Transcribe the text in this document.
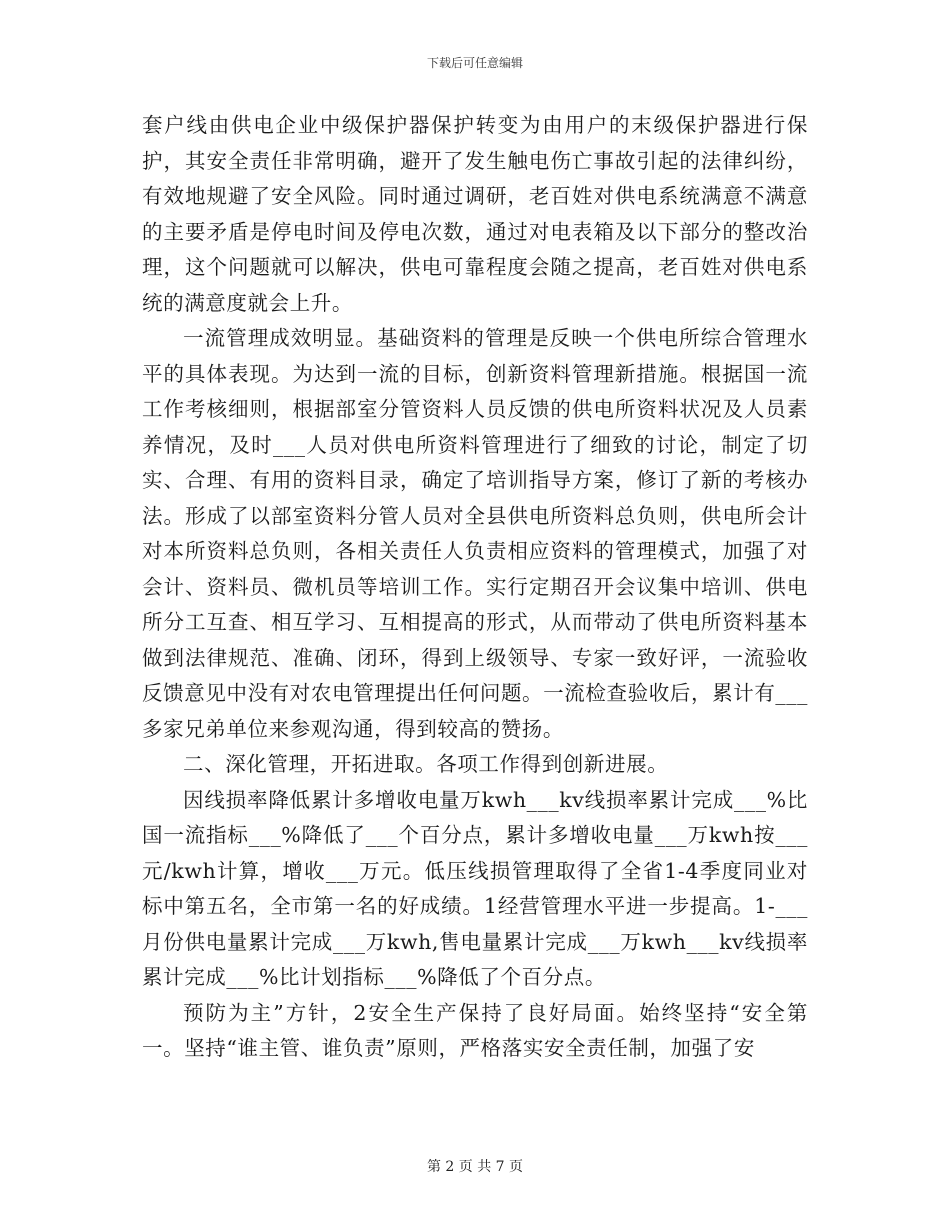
下载后可任意编辑

套户线由供电企业中级保护器保护转变为由用户的末级保护器进行保护，其安全责任非常明确，避开了发生触电伤亡事故引起的法律纠纷，有效地规避了安全风险。同时通过调研，老百姓对供电系统满意不满意的主要矛盾是停电时间及停电次数，通过对电表箱及以下部分的整改治理，这个问题就可以解决，供电可靠程度会随之提高，老百姓对供电系统的满意度就会上升。

一流管理成效明显。基础资料的管理是反映一个供电所综合管理水平的具体表现。为达到一流的目标，创新资料管理新措施。根据国一流工作考核细则，根据部室分管资料人员反馈的供电所资料状况及人员素养情况，及时___人员对供电所资料管理进行了细致的讨论，制定了切实、合理、有用的资料目录，确定了培训指导方案，修订了新的考核办法。形成了以部室资料分管人员对全县供电所资料总负则，供电所会计对本所资料总负则，各相关责任人负责相应资料的管理模式，加强了对会计、资料员、微机员等培训工作。实行定期召开会议集中培训、供电所分工互查、相互学习、互相提高的形式，从而带动了供电所资料基本做到法律规范、准确、闭环，得到上级领导、专家一致好评，一流验收反馈意见中没有对农电管理提出任何问题。一流检查验收后，累计有___多家兄弟单位来参观沟通，得到较高的赞扬。

二、深化管理，开拓进取。各项工作得到创新进展。

因线损率降低累计多增收电量万kwh___kv线损率累计完成___%比国一流指标___%降低了___个百分点，累计多增收电量___万kwh按___元/kwh计算，增收___万元。低压线损管理取得了全省1-4季度同业对标中第五名，全市第一名的好成绩。1经营管理水平进一步提高。1-___月份供电量累计完成___万kwh,售电量累计完成___万kwh___kv线损率累计完成___%比计划指标___%降低了个百分点。

预防为主”方针，2安全生产保持了良好局面。始终坚持“安全第一。坚持“谁主管、谁负责”原则，严格落实安全责任制，加强了安

第 2 页 共 7 页
